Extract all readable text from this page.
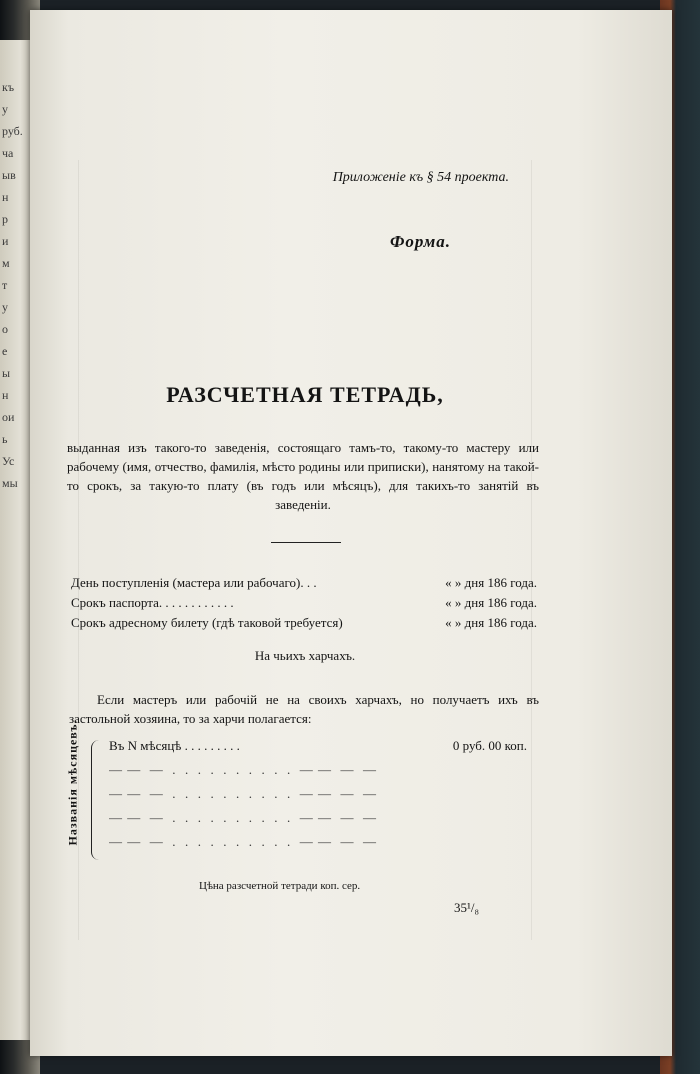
къ
у
руб.
ча
ыв
н
р
и
м
т
у
о
е
ы
н
ои
ь
Ус
мы
Приложеніе къ § 54 проекта.
Форма.
РАЗСЧЕТНАЯ ТЕТРАДЬ,
выданная изъ такого-то заведенія, состоящаго тамъ-то, такому-то мастеру или рабочему (имя, отчество, фамилія, мѣсто родины или приписки), нанятому на такой-то срокъ, за такую-то плату (въ годъ или мѣсяцъ), для такихъ-то занятій въ заведеніи.
День поступленія (мастера или рабочаго). . .	« » дня 186 года.
Срокъ паспорта. . . . . . . . . . . .	« » дня 186 года.
Срокъ адресному билету (гдѣ таковой требуется)	« » дня 186 года.
На чьихъ харчахъ.
Если мастеръ или рабочій не на своихъ харчахъ, но получаетъ ихъ въ застольной хозяина, то за харчи полагается:
Названія мѣсяцевъ. Въ N мѣсяцѣ . . . . . . . . .	0 руб. 00 коп.
— —  —  .  .  .  .  .  .  .  .  .  .  — —  —  —
— —  —  .  .  .  .  .  .  .  .  .  .  — —  —  —
— —  —  .  .  .  .  .  .  .  .  .  .  — —  —  —
— —  —  .  .  .  .  .  .  .  .  .  .  — —  —  —
Цѣна разсчетной тетради коп. сер.
35¹/₈
